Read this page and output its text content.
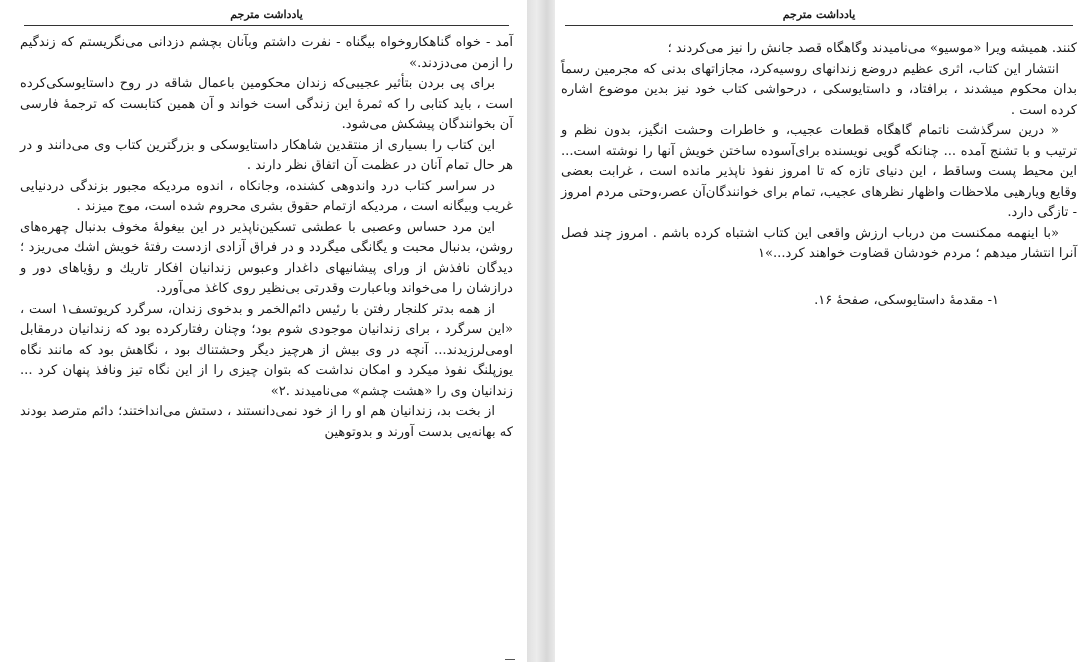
یادداشت مترجم

آمد - خواه گناهکاروخواه بیگناه - نفرت داشتم وبآنان بچشم دزدانی می‌نگریستم که زندگیم را ازمن می‌دزدند.»

برای پی بردن بتأثیر عجیبی‌که زندان محکومین باعمال شاقه در روح داستایوسکی‌کرده است ، باید کتابی را که ثمرهٔ این زندگی است خواند و آن همین کتابست که ترجمهٔ فارسی آن بخوانندگان پیشکش می‌شود.

این کتاب را بسیاری از منتقدین شاهکار داستایوسکی و بزرگترین کتاب وی می‌دانند و در هر حال تمام آنان در عظمت آن اتفاق نظر دارند .

در سراسر کتاب درد واندوهی کشنده، وجانکاه ، اندوه مردیکه مجبور بزندگی دردنیایی غریب وبیگانه است ، مردیکه ازتمام حقوق بشری محروم شده است، موج میزند .

این مرد حساس وعصبی با عطشی تسکین‌ناپذیر در این بیغولهٔ مخوف بدنبال چهره‌های روشن، بدنبال محبت و یگانگی میگردد و در فراق آزادی ازدست رفتهٔ خویش اشك می‌ریزد ؛ دیدگان نافذش از ورای پیشانیهای داغدار وعبوس زندانیان افکار تاریك و رؤیاهای دور و درازشان را می‌خواند وباعبارت وقدرتی بی‌نظیر روی کاغذ می‌آورد.

از همه بدتر کلنجار رفتن با رئیس دائم‌الخمر و بدخوی زندان، سرگرد کریوتسف۱ است ، «این سرگرد ، برای زندانیان موجودی شوم بود؛ وچنان رفتارکرده بود که زندانیان درمقابل اومی‌لرزیدند... آنچه در وی بیش از هرچیز دیگر وحشتناك بود ، نگاهش بود که مانند نگاه یوزپلنگ نفوذ میکرد و امکان نداشت که بتوان چیزی را از این نگاه تیز ونافذ پنهان کرد ... زندانیان وی را «هشت چشم» می‌نامیدند .۲»

از بخت بد، زندانیان هم او را از خود نمی‌دانستند ، دستش می‌انداختند؛ دائم مترصد بودند که بهانه‌یی بدست آورند و بدوتوهین

یادداشت مترجم

کنند. همیشه ویرا «موسیو» می‌نامیدند وگاهگاه قصد جانش را نیز می‌کردند ؛

انتشار این کتاب، اثری عظیم دروضع زندانهای روسیه‌کرد، مجازاتهای بدنی که مجرمین رسماً بدان محکوم میشدند ، برافتاد، و داستایوسکی ، درحواشی کتاب خود نیز بدین موضوع اشاره کرده است .

« درین سرگذشت ناتمام گاهگاه قطعات عجیب، و خاطرات وحشت انگیز، بدون نظم و ترتیب و با تشنج آمده ... چنانکه گویی نویسنده برای‌آسوده ساختن خویش آنها را نوشته است... این محیط پست وساقط ، این دنیای تازه که تا امروز نفوذ ناپذیر مانده است ، غرابت بعضی وقایع ویارهیی ملاحظات واظهار نظرهای عجیب، تمام برای خوانندگان‌آن عصر،وحتی مردم امروز - تازگی دارد.

«با اینهمه ممکنست من درباب ارزش واقعی این کتاب اشتباه کرده باشم . امروز چند فصل آنرا انتشار میدهم ؛ مردم خودشان قضاوت خواهند کرد...»۱

۱- مقدمهٔ داستایوسکی، صفحهٔ ۱۶.
